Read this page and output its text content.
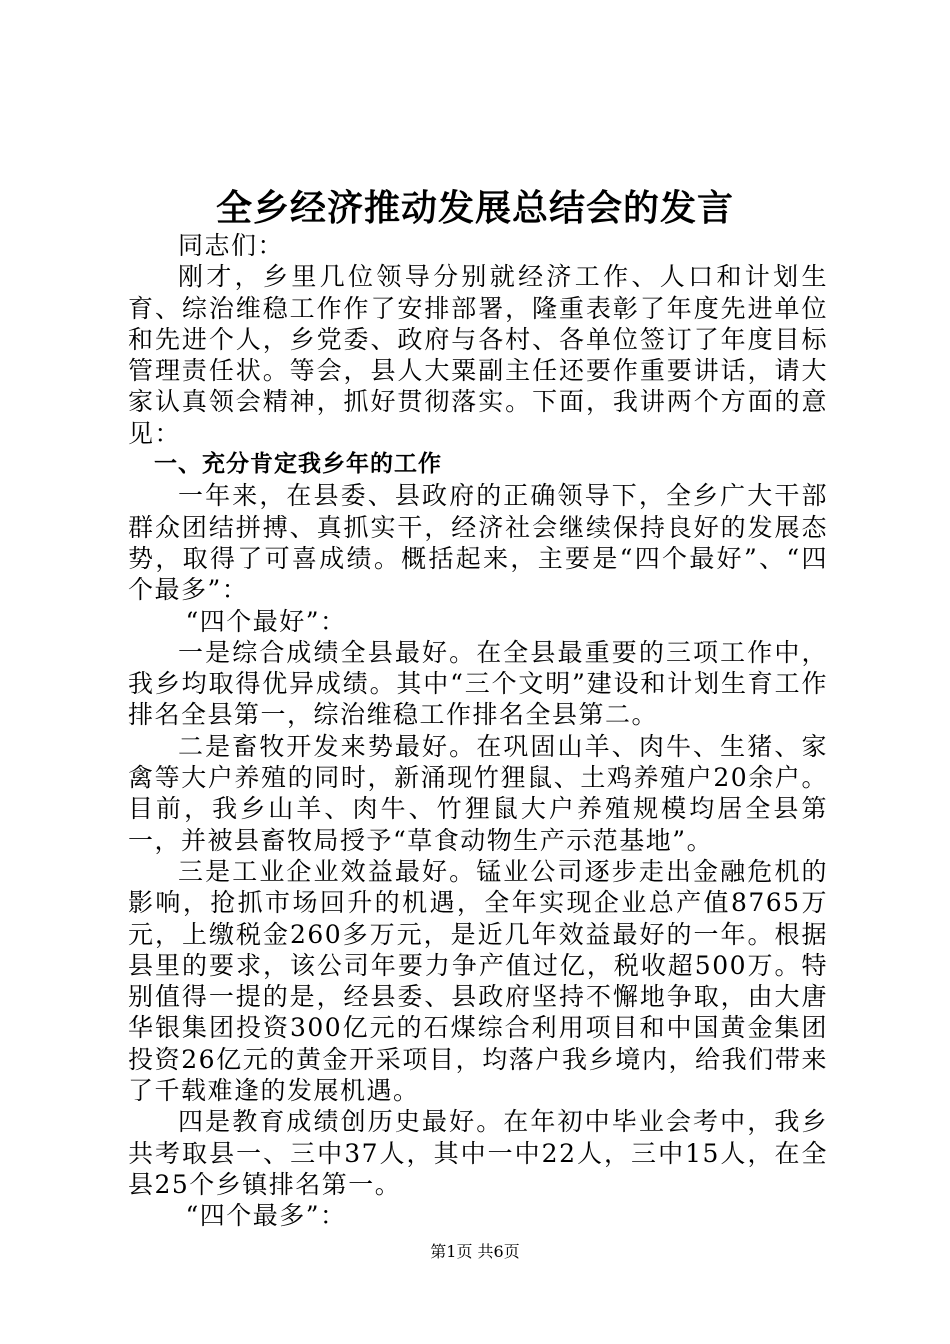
全乡经济推动发展总结会的发言

同志们：

刚才，乡里几位领导分别就经济工作、人口和计划生育、综治维稳工作作了安排部署，隆重表彰了年度先进单位和先进个人，乡党委、政府与各村、各单位签订了年度目标管理责任状。等会，县人大粟副主任还要作重要讲话，请大家认真领会精神，抓好贯彻落实。下面，我讲两个方面的意见：

一、充分肯定我乡年的工作

一年来，在县委、县政府的正确领导下，全乡广大干部群众团结拼搏、真抓实干，经济社会继续保持良好的发展态势，取得了可喜成绩。概括起来，主要是“四个最好”、“四个最多”：

“四个最好”：

一是综合成绩全县最好。在全县最重要的三项工作中，我乡均取得优异成绩。其中“三个文明”建设和计划生育工作排名全县第一，综治维稳工作排名全县第二。

二是畜牧开发来势最好。在巩固山羊、肉牛、生猪、家禽等大户养殖的同时，新涌现竹狸鼠、土鸡养殖户20余户。目前，我乡山羊、肉牛、竹狸鼠大户养殖规模均居全县第一，并被县畜牧局授予“草食动物生产示范基地”。

三是工业企业效益最好。锰业公司逐步走出金融危机的影响，抢抓市场回升的机遇，全年实现企业总产值8765万元，上缴税金260多万元，是近几年效益最好的一年。根据县里的要求，该公司年要力争产值过亿，税收超500万。特别值得一提的是，经县委、县政府坚持不懈地争取，由大唐华银集团投资300亿元的石煤综合利用项目和中国黄金集团投资26亿元的黄金开采项目，均落户我乡境内，给我们带来了千载难逢的发展机遇。

四是教育成绩创历史最好。在年初中毕业会考中，我乡共考取县一、三中37人，其中一中22人，三中15人，在全县25个乡镇排名第一。

“四个最多”：

第1页 共6页
